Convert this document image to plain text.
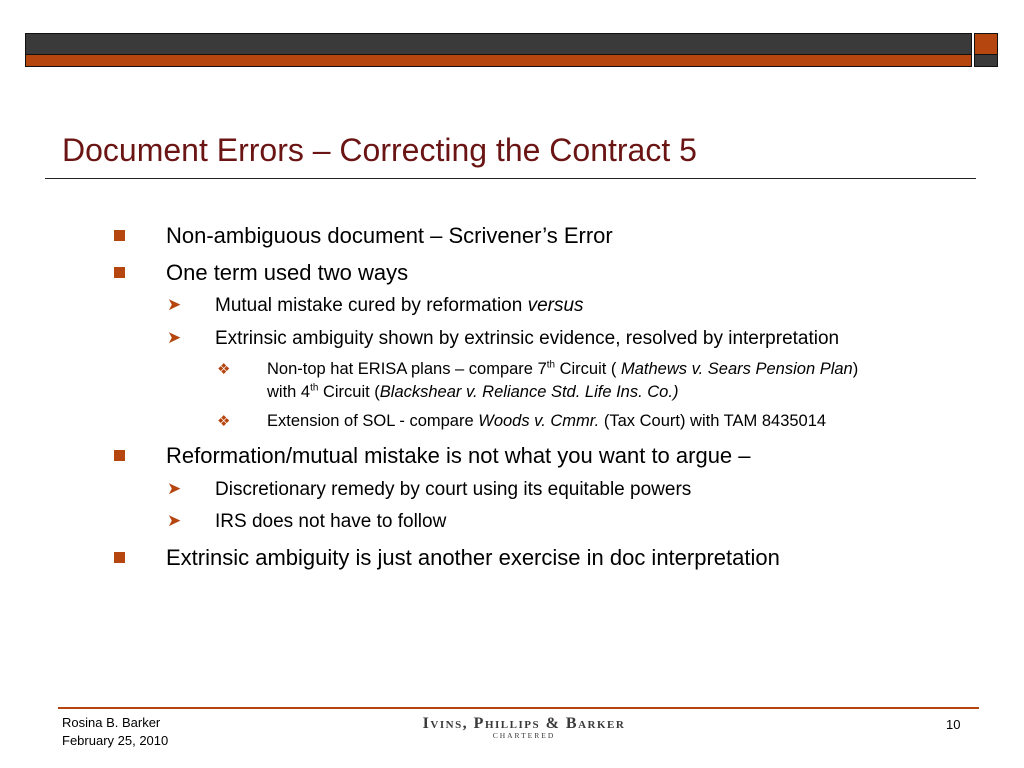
Document Errors – Correcting the Contract 5
Non-ambiguous document – Scrivener’s Error
One term used two ways
➤ Mutual mistake cured by reformation versus
➤ Extrinsic ambiguity shown by extrinsic evidence, resolved by interpretation
❖ Non-top hat ERISA plans – compare 7th Circuit ( Mathews v. Sears Pension Plan)
with 4th Circuit (Blackshear v. Reliance Std. Life Ins. Co.)
❖ Extension of SOL - compare Woods v. Cmmr. (Tax Court) with TAM 8435014
Reformation/mutual mistake is not what you want to argue –
➤ Discretionary remedy by court using its equitable powers
➤ IRS does not have to follow
Extrinsic ambiguity is just another exercise in doc interpretation
Rosina B. Barker
February 25, 2010
Ivins, Phillips & Barker
CHARTERED
10
